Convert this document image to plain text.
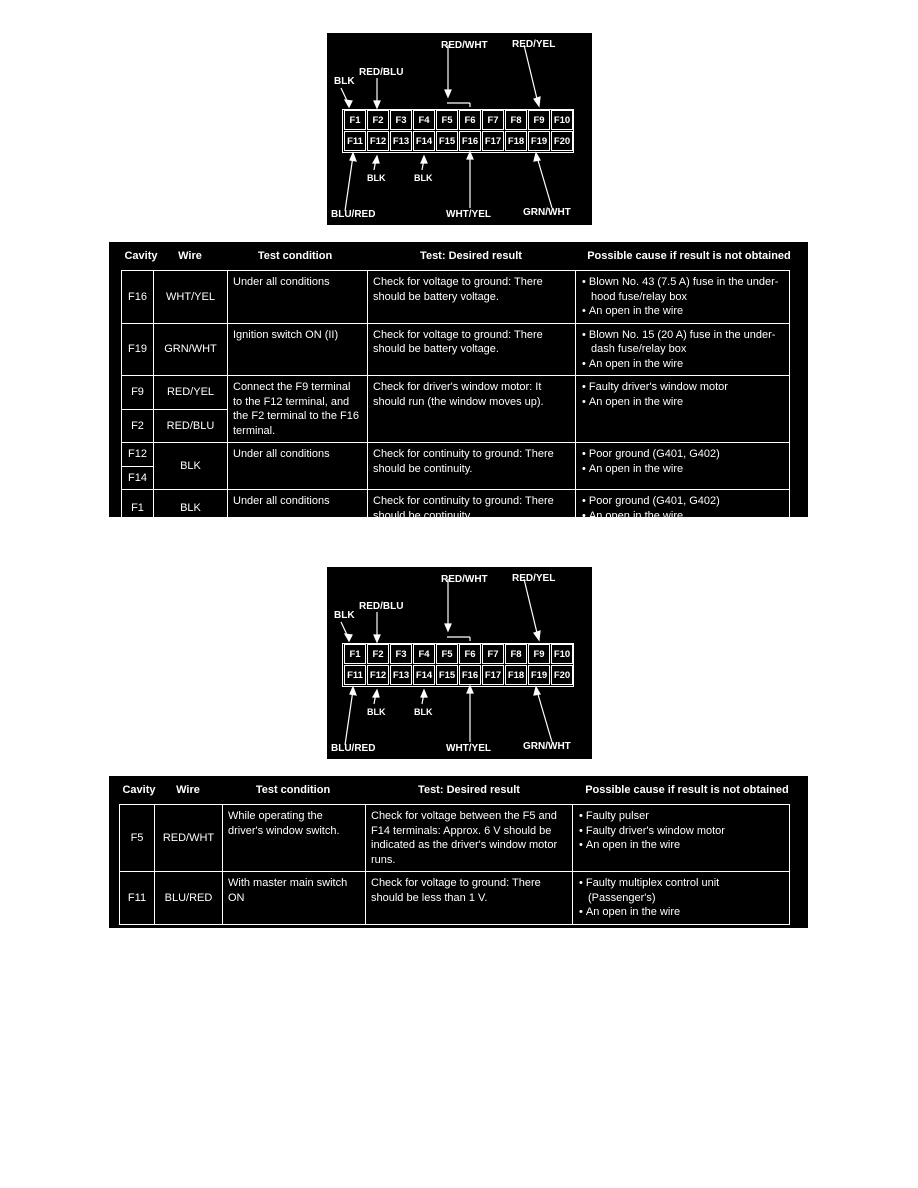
RED/WHT RED/YEL
RED/BLU
BLK
F1	F2	F3	F4	F5	F6	F7	F8	F9 F10
F11 F12 F13 F14 F15 F16 F17 F18 F19 F20
BLK	BLK
BLU/RED	WHT/YEL	GRN/WHT
Cavity	Wire	Test condition	Test: Desired result	Possible cause if result is not obtained
F16	WHT/YEL	Under all conditions	Check for voltage to ground: There should be battery voltage.	• Blown No. 43 (7.5 A) fuse in the under-hood fuse/relay box
• An open in the wire

F19	GRN/WHT	Ignition switch ON (II)	Check for voltage to ground: There should be battery voltage.	• Blown No. 15 (20 A) fuse in the under-dash fuse/relay box
• An open in the wire

F9	RED/YEL	Connect the F9 terminal to the F12 terminal, and the F2 terminal to the F16 terminal.	Check for driver's window motor: It should run (the window moves up).	• Faulty driver's window motor
• An open in the wire

F2	RED/BLU			
F12	BLK	Under all conditions	Check for continuity to ground: There should be continuity.	• Poor ground (G401, G402)
• An open in the wire

F14				
F1	BLK	Under all conditions	Check for continuity to ground: There should be continuity.	• Poor ground (G401, G402)
• An open in the wire
RED/WHT RED/YEL
RED/BLU
BLK
F1	F2	F3	F4	F5	F6	F7	F8	F9 F10
F11 F12 F13 F14 F15 F16 F17 F18 F19 F20
BLK	BLK
BLU/RED	WHT/YEL	GRN/WHT
Cavity	Wire	Test condition	Test: Desired result	Possible cause if result is not obtained
F5	RED/WHT	While operating the driver's window switch.	Check for voltage between the F5 and F14 terminals: Approx. 6 V should be indicated as the driver's window motor runs.	• Faulty pulser
• Faulty driver's window motor
• An open in the wire

F11	BLU/RED	With master main switch ON	Check for voltage to ground: There should be less than 1 V.	• Faulty multiplex control unit (Passenger's)
• An open in the wire
